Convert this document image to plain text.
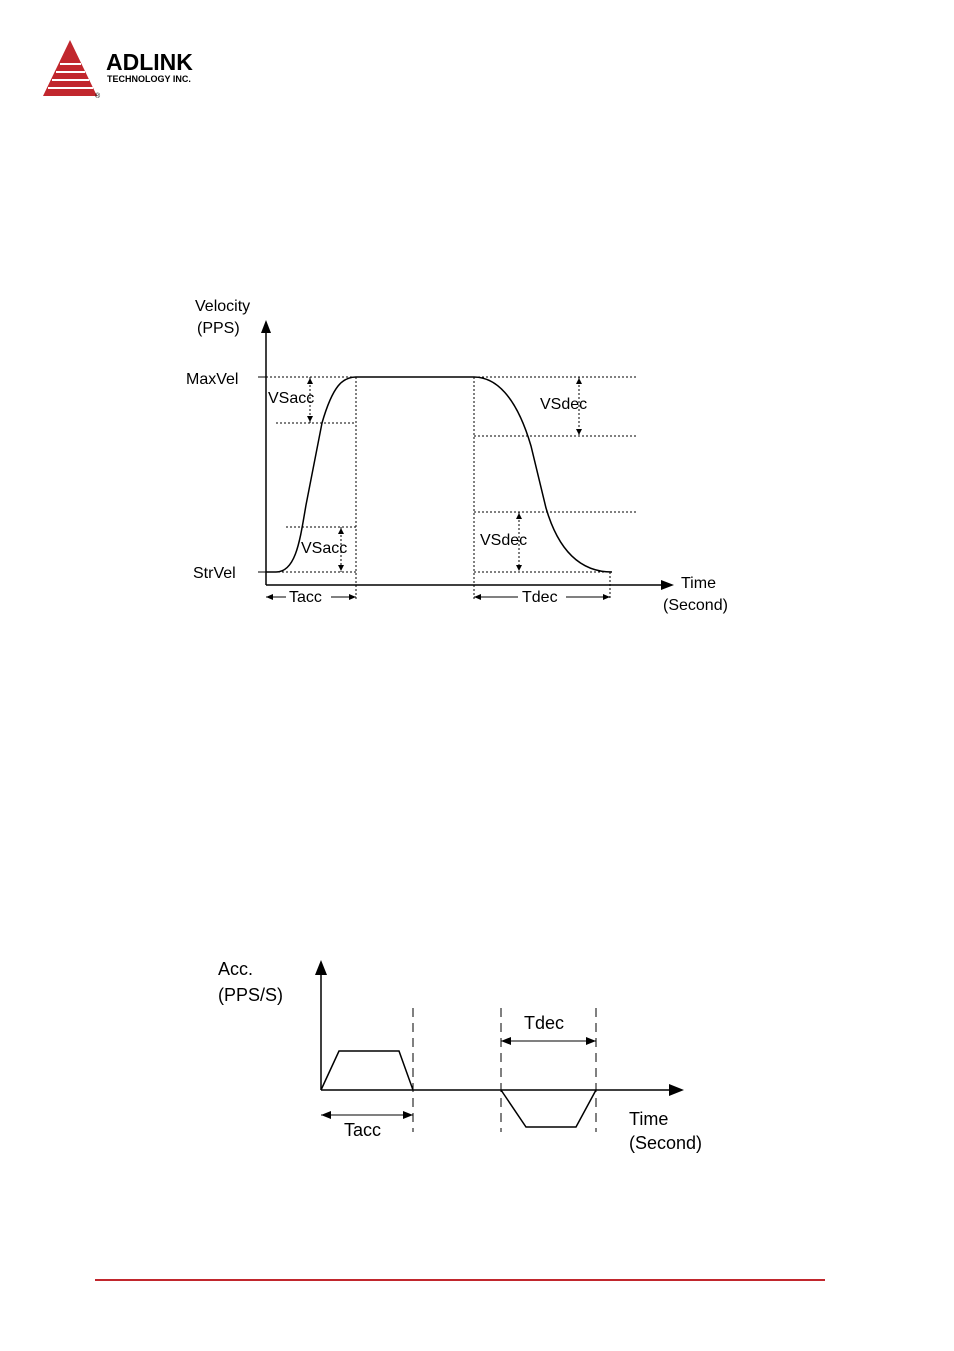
ADLINK
TECHNOLOGY INC.
®
Velocity
(PPS)
MaxVel
StrVel
VSacc
VSacc
VSdec
VSdec
Tacc	Tdec
Time
(Second)
Acc.
(PPS/S)
Tacc
Tdec
Time
(Second)
